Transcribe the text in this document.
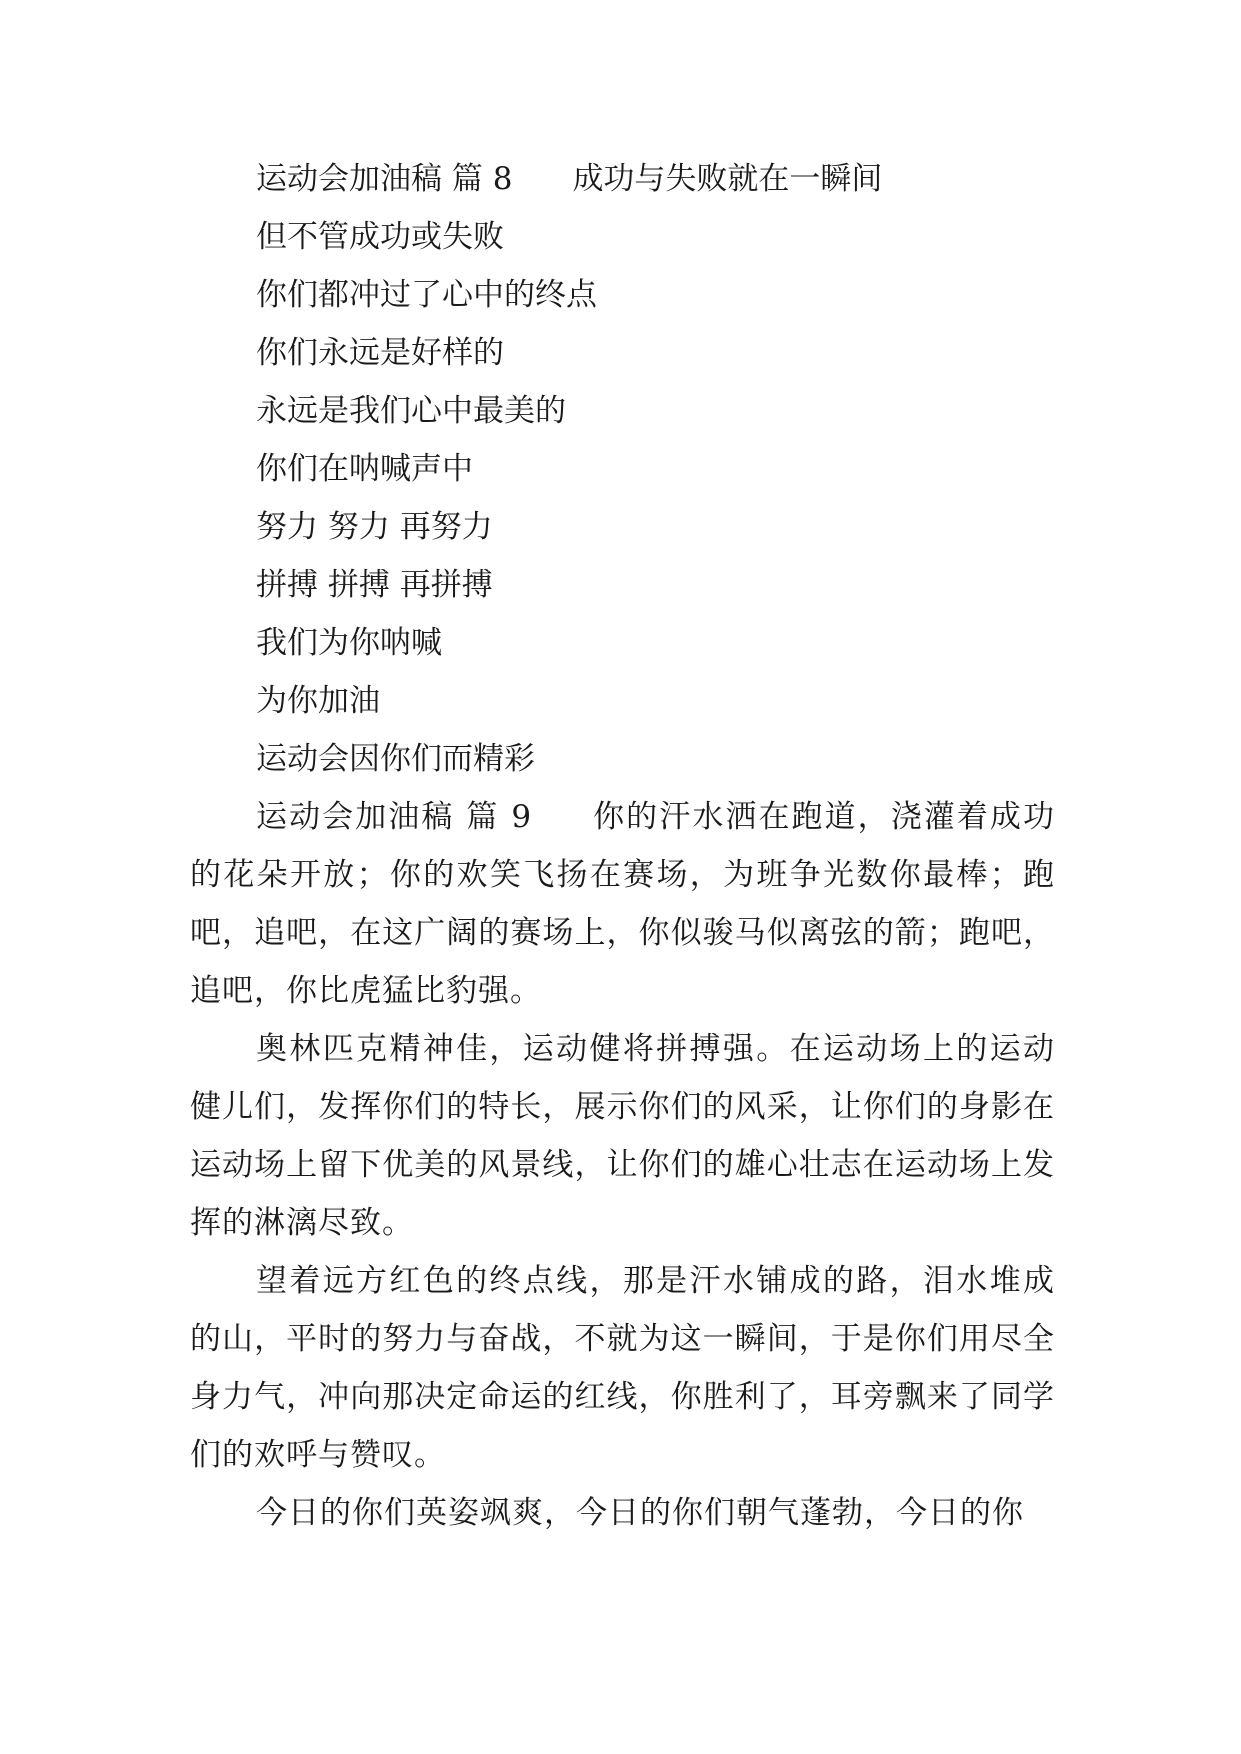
运动会加油稿 篇 8 成功与失败就在一瞬间
但不管成功或失败
你们都冲过了心中的终点
你们永远是好样的
永远是我们心中最美的
你们在呐喊声中
努力 努力 再努力
拼搏 拼搏 再拼搏
我们为你呐喊
为你加油
运动会因你们而精彩

运动会加油稿 篇 9 你的汗水洒在跑道，浇灌着成功的花朵开放；你的欢笑飞扬在赛场，为班争光数你最棒；跑吧，追吧，在这广阔的赛场上，你似骏马似离弦的箭；跑吧，追吧，你比虎猛比豹强。

奥林匹克精神佳，运动健将拼搏强。在运动场上的运动健儿们，发挥你们的特长，展示你们的风采，让你们的身影在运动场上留下优美的风景线，让你们的雄心壮志在运动场上发挥的淋漓尽致。

望着远方红色的终点线，那是汗水铺成的路，泪水堆成的山，平时的努力与奋战，不就为这一瞬间，于是你们用尽全身力气，冲向那决定命运的红线，你胜利了，耳旁飘来了同学们的欢呼与赞叹。

今日的你们英姿飒爽，今日的你们朝气蓬勃，今日的你
